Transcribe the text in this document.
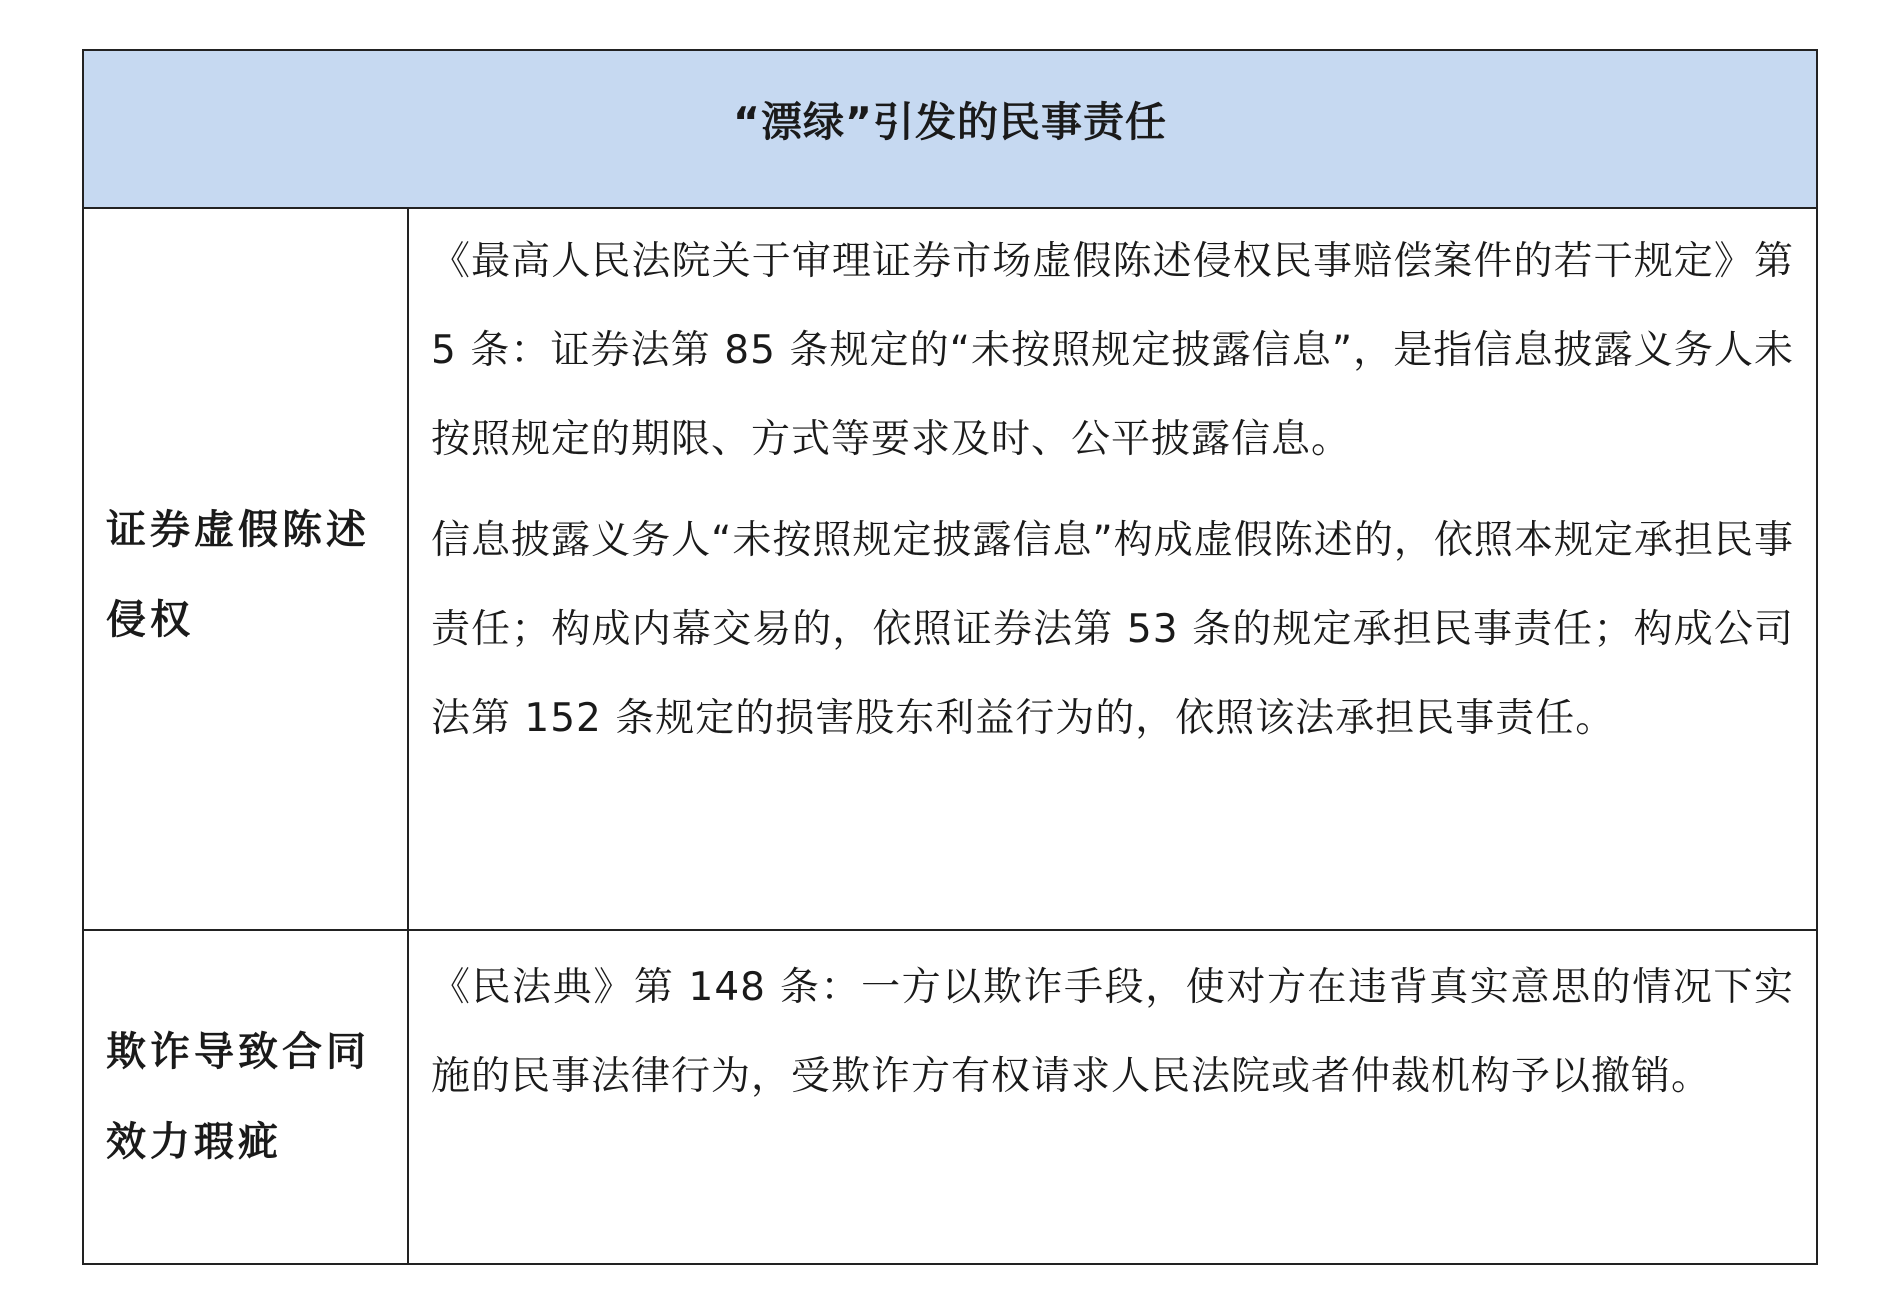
“漂绿”引发的民事责任
证券虚假陈述侵权

《最高人民法院关于审理证券市场虚假陈述侵权民事赔偿案件的若干规定》第 5 条：证券法第 85 条规定的“未按照规定披露信息”，是指信息披露义务人未按照规定的期限、方式等要求及时、公平披露信息。

信息披露义务人“未按照规定披露信息”构成虚假陈述的，依照本规定承担民事责任；构成内幕交易的，依照证券法第 53 条的规定承担民事责任；构成公司法第 152 条规定的损害股东利益行为的，依照该法承担民事责任。

欺诈导致合同效力瑕疵

《民法典》第 148 条：一方以欺诈手段，使对方在违背真实意思的情况下实施的民事法律行为，受欺诈方有权请求人民法院或者仲裁机构予以撤销。
